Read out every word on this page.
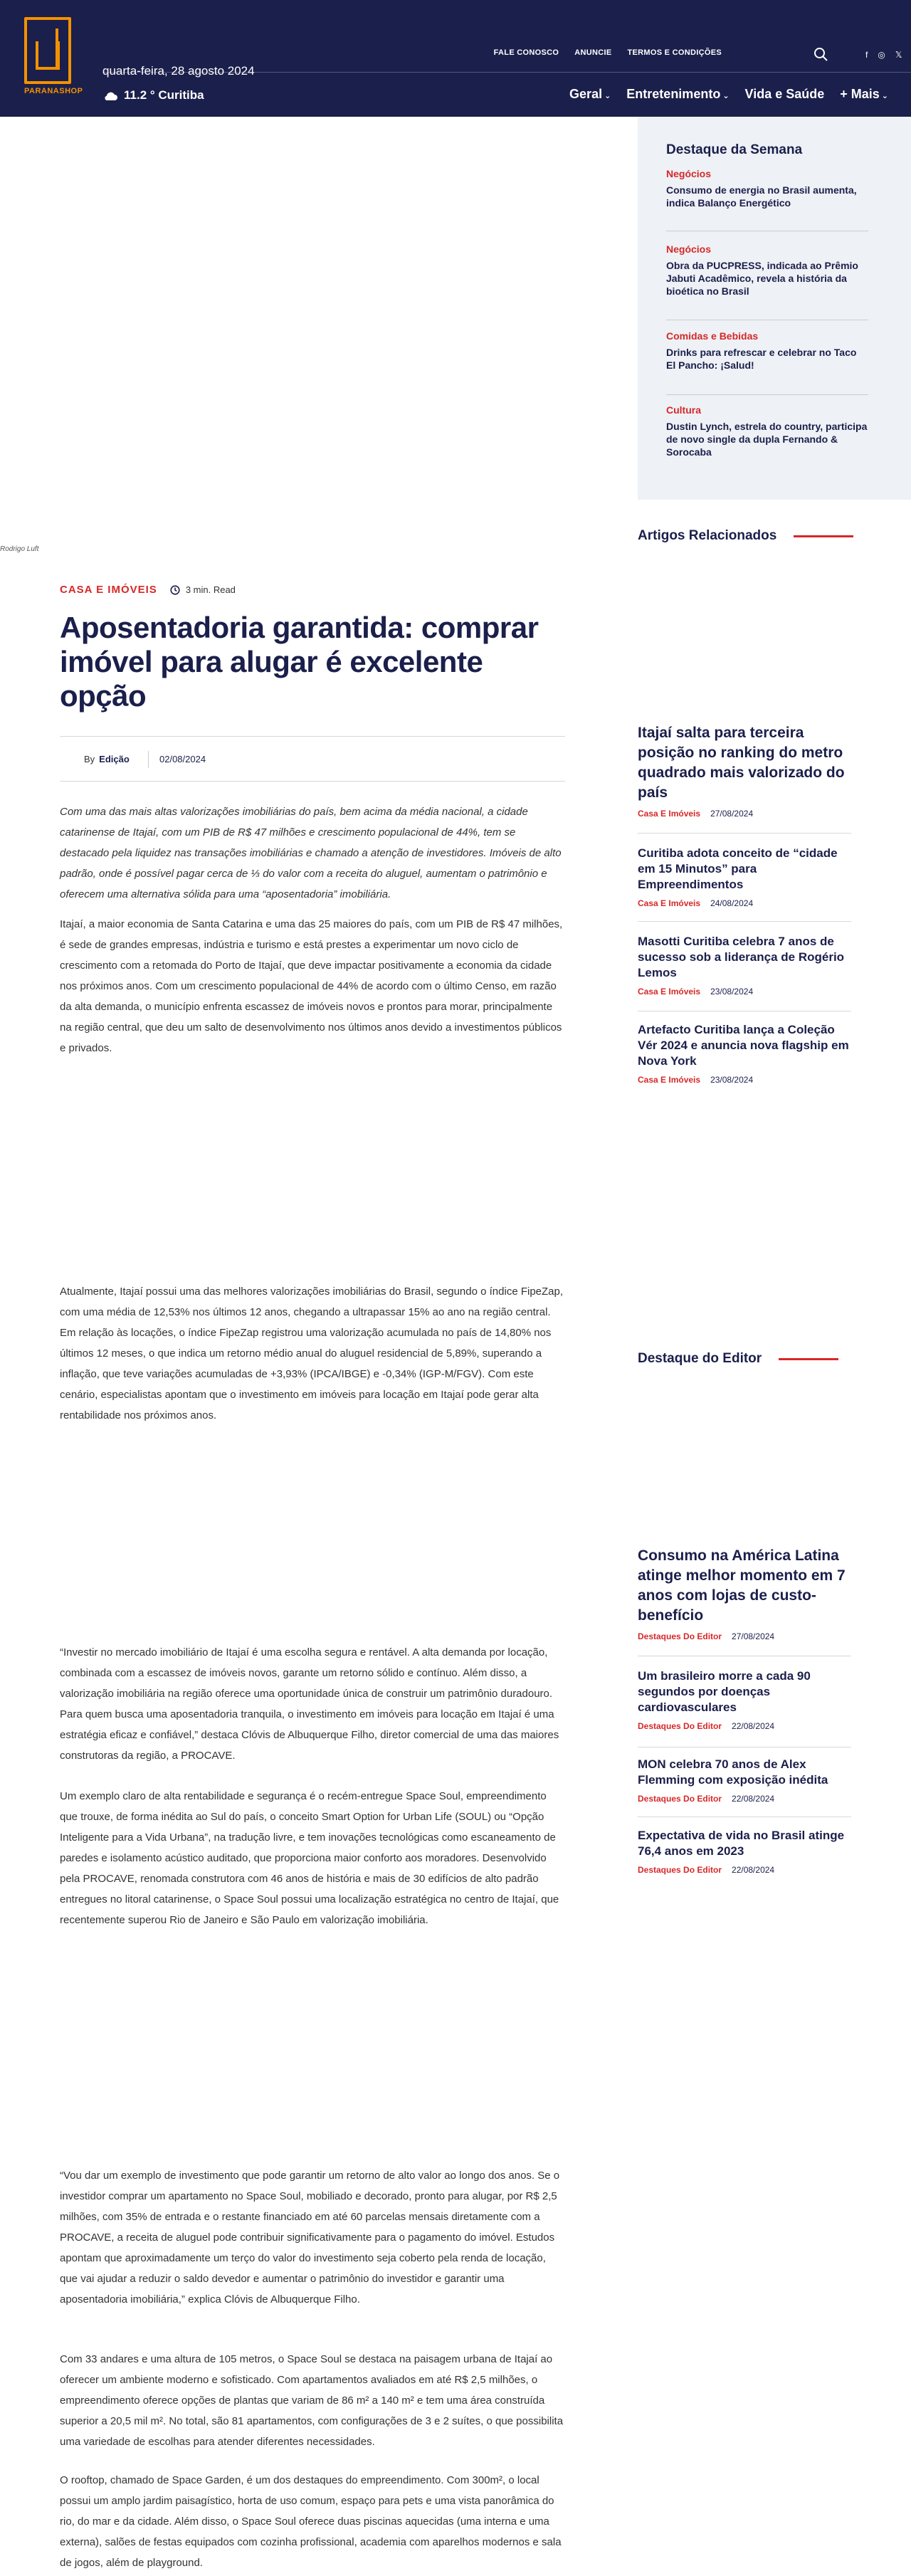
PARANASHOP
quarta-feira, 28 agosto 2024
11.2 ° Curitiba
FALE CONOSCO ANUNCIE TERMOS E CONDIÇÕES	f ◎ 𝕏
Geral ⌄ Entretenimento ⌄ Vida e Saúde + Mais ⌄
Destaque da Semana
Negócios
Consumo de energia no Brasil aumenta, indica Balanço Energético
Negócios
Obra da PUCPRESS, indicada ao Prêmio Jabuti Acadêmico, revela a história da bioética no Brasil
Comidas e Bebidas
Drinks para refrescar e celebrar no Taco El Pancho: ¡Salud!
Cultura
Dustin Lynch, estrela do country, participa de novo single da dupla Fernando & Sorocaba
Rodrigo Luft
CASA E IMÓVEIS	3 min. Read
Aposentadoria garantida: comprar imóvel para alugar é excelente opção
By Edição	02/08/2024

Com uma das mais altas valorizações imobiliárias do país, bem acima da média nacional, a cidade catarinense de Itajaí, com um PIB de R$ 47 milhões e crescimento populacional de 44%, tem se destacado pela liquidez nas transações imobiliárias e chamado a atenção de investidores. Imóveis de alto padrão, onde é possível pagar cerca de ⅓ do valor com a receita do aluguel, aumentam o patrimônio e oferecem uma alternativa sólida para uma “aposentadoria” imobiliária.

Itajaí, a maior economia de Santa Catarina e uma das 25 maiores do país, com um PIB de R$ 47 milhões, é sede de grandes empresas, indústria e turismo e está prestes a experimentar um novo ciclo de crescimento com a retomada do Porto de Itajaí, que deve impactar positivamente a economia da cidade nos próximos anos. Com um crescimento populacional de 44% de acordo com o último Censo, em razão da alta demanda, o município enfrenta escassez de imóveis novos e prontos para morar, principalmente na região central, que deu um salto de desenvolvimento nos últimos anos devido a investimentos públicos e privados.

Atualmente, Itajaí possui uma das melhores valorizações imobiliárias do Brasil, segundo o índice FipeZap, com uma média de 12,53% nos últimos 12 anos, chegando a ultrapassar 15% ao ano na região central. Em relação às locações, o índice FipeZap registrou uma valorização acumulada no país de 14,80% nos últimos 12 meses, o que indica um retorno médio anual do aluguel residencial de 5,89%, superando a inflação, que teve variações acumuladas de +3,93% (IPCA/IBGE) e -0,34% (IGP-M/FGV). Com este cenário, especialistas apontam que o investimento em imóveis para locação em Itajaí pode gerar alta rentabilidade nos próximos anos.

“Investir no mercado imobiliário de Itajaí é uma escolha segura e rentável. A alta demanda por locação, combinada com a escassez de imóveis novos, garante um retorno sólido e contínuo. Além disso, a valorização imobiliária na região oferece uma oportunidade única de construir um patrimônio duradouro. Para quem busca uma aposentadoria tranquila, o investimento em imóveis para locação em Itajaí é uma estratégia eficaz e confiável,” destaca Clóvis de Albuquerque Filho, diretor comercial de uma das maiores construtoras da região, a PROCAVE.

Um exemplo claro de alta rentabilidade e segurança é o recém-entregue Space Soul, empreendimento que trouxe, de forma inédita ao Sul do país, o conceito Smart Option for Urban Life (SOUL) ou “Opção Inteligente para a Vida Urbana”, na tradução livre, e tem inovações tecnológicas como escaneamento de paredes e isolamento acústico auditado, que proporciona maior conforto aos moradores. Desenvolvido pela PROCAVE, renomada construtora com 46 anos de história e mais de 30 edifícios de alto padrão entregues no litoral catarinense, o Space Soul possui uma localização estratégica no centro de Itajaí, que recentemente superou Rio de Janeiro e São Paulo em valorização imobiliária.

“Vou dar um exemplo de investimento que pode garantir um retorno de alto valor ao longo dos anos. Se o investidor comprar um apartamento no Space Soul, mobiliado e decorado, pronto para alugar, por R$ 2,5 milhões, com 35% de entrada e o restante financiado em até 60 parcelas mensais diretamente com a PROCAVE, a receita de aluguel pode contribuir significativamente para o pagamento do imóvel. Estudos apontam que aproximadamente um terço do valor do investimento seja coberto pela renda de locação, que vai ajudar a reduzir o saldo devedor e aumentar o patrimônio do investidor e garantir uma aposentadoria imobiliária,” explica Clóvis de Albuquerque Filho.

Com 33 andares e uma altura de 105 metros, o Space Soul se destaca na paisagem urbana de Itajaí ao oferecer um ambiente moderno e sofisticado. Com apartamentos avaliados em até R$ 2,5 milhões, o empreendimento oferece opções de plantas que variam de 86 m² a 140 m² e tem uma área construída superior a 20,5 mil m². No total, são 81 apartamentos, com configurações de 3 e 2 suítes, o que possibilita uma variedade de escolhas para atender diferentes necessidades.

O rooftop, chamado de Space Garden, é um dos destaques do empreendimento. Com 300m², o local possui um amplo jardim paisagístico, horta de uso comum, espaço para pets e uma vista panorâmica do rio, do mar e da cidade. Além disso, o Space Soul oferece duas piscinas aquecidas (uma interna e uma externa), salões de festas equipados com cozinha profissional, academia com aparelhos modernos e sala de jogos, além de playground.

Artigos Relacionados
Itajaí salta para terceira posição no ranking do metro quadrado mais valorizado do país
Casa E Imóveis 27/08/2024
Curitiba adota conceito de “cidade em 15 Minutos” para Empreendimentos
Casa E Imóveis 24/08/2024
Masotti Curitiba celebra 7 anos de sucesso sob a liderança de Rogério Lemos
Casa E Imóveis 23/08/2024
Artefacto Curitiba lança a Coleção Vér 2024 e anuncia nova flagship em Nova York
Casa E Imóveis 23/08/2024
Destaque do Editor
Consumo na América Latina atinge melhor momento em 7 anos com lojas de custo-benefício
Destaques Do Editor 27/08/2024
Um brasileiro morre a cada 90 segundos por doenças cardiovasculares
Destaques Do Editor 22/08/2024
MON celebra 70 anos de Alex Flemming com exposição inédita
Destaques Do Editor 22/08/2024
Expectativa de vida no Brasil atinge 76,4 anos em 2023
Destaques Do Editor 22/08/2024
